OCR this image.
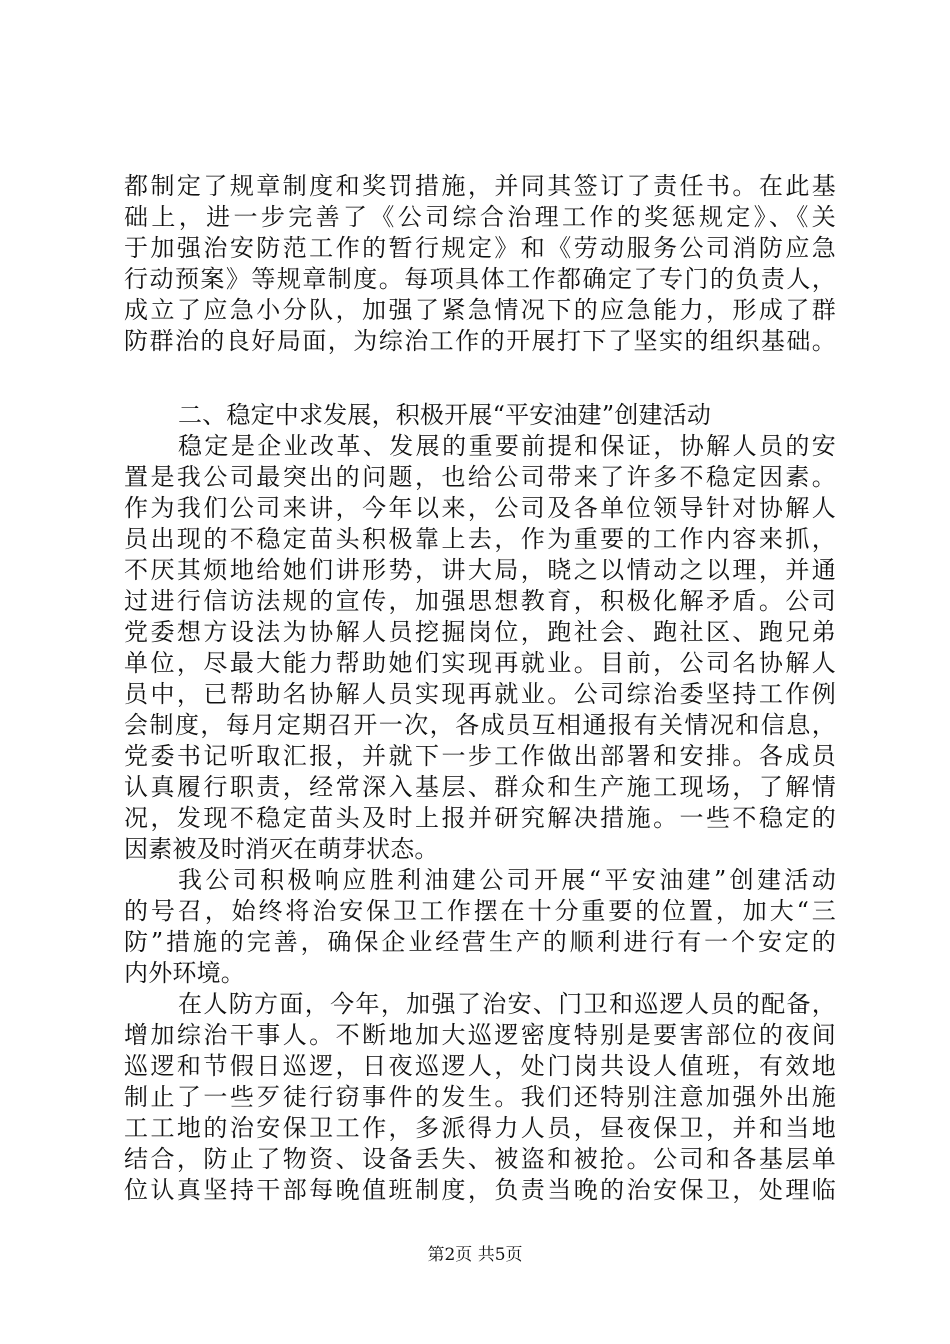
都制定了规章制度和奖罚措施，并同其签订了责任书。在此基
础上，进一步完善了《公司综合治理工作的奖惩规定》、《关
于加强治安防范工作的暂行规定》和《劳动服务公司消防应急
行动预案》等规章制度。每项具体工作都确定了专门的负责人，
成立了应急小分队，加强了紧急情况下的应急能力，形成了群
防群治的良好局面，为综治工作的开展打下了坚实的组织基础。
二、稳定中求发展，积极开展“平安油建”创建活动
稳定是企业改革、发展的重要前提和保证，协解人员的安
置是我公司最突出的问题，也给公司带来了许多不稳定因素。
作为我们公司来讲，今年以来，公司及各单位领导针对协解人
员出现的不稳定苗头积极靠上去，作为重要的工作内容来抓，
不厌其烦地给她们讲形势，讲大局，晓之以情动之以理，并通
过进行信访法规的宣传，加强思想教育，积极化解矛盾。公司
党委想方设法为协解人员挖掘岗位，跑社会、跑社区、跑兄弟
单位，尽最大能力帮助她们实现再就业。目前，公司名协解人
员中，已帮助名协解人员实现再就业。公司综治委坚持工作例
会制度，每月定期召开一次，各成员互相通报有关情况和信息，
党委书记听取汇报，并就下一步工作做出部署和安排。各成员
认真履行职责，经常深入基层、群众和生产施工现场，了解情
况，发现不稳定苗头及时上报并研究解决措施。一些不稳定的
因素被及时消灭在萌芽状态。
我公司积极响应胜利油建公司开展“平安油建”创建活动
的号召，始终将治安保卫工作摆在十分重要的位置，加大“三
防”措施的完善，确保企业经营生产的顺利进行有一个安定的
内外环境。
在人防方面，今年，加强了治安、门卫和巡逻人员的配备，
增加综治干事人。不断地加大巡逻密度特别是要害部位的夜间
巡逻和节假日巡逻，日夜巡逻人，处门岗共设人值班，有效地
制止了一些歹徒行窃事件的发生。我们还特别注意加强外出施
工工地的治安保卫工作，多派得力人员，昼夜保卫，并和当地
结合，防止了物资、设备丢失、被盗和被抢。公司和各基层单
位认真坚持干部每晚值班制度，负责当晚的治安保卫，处理临
第2页 共5页
